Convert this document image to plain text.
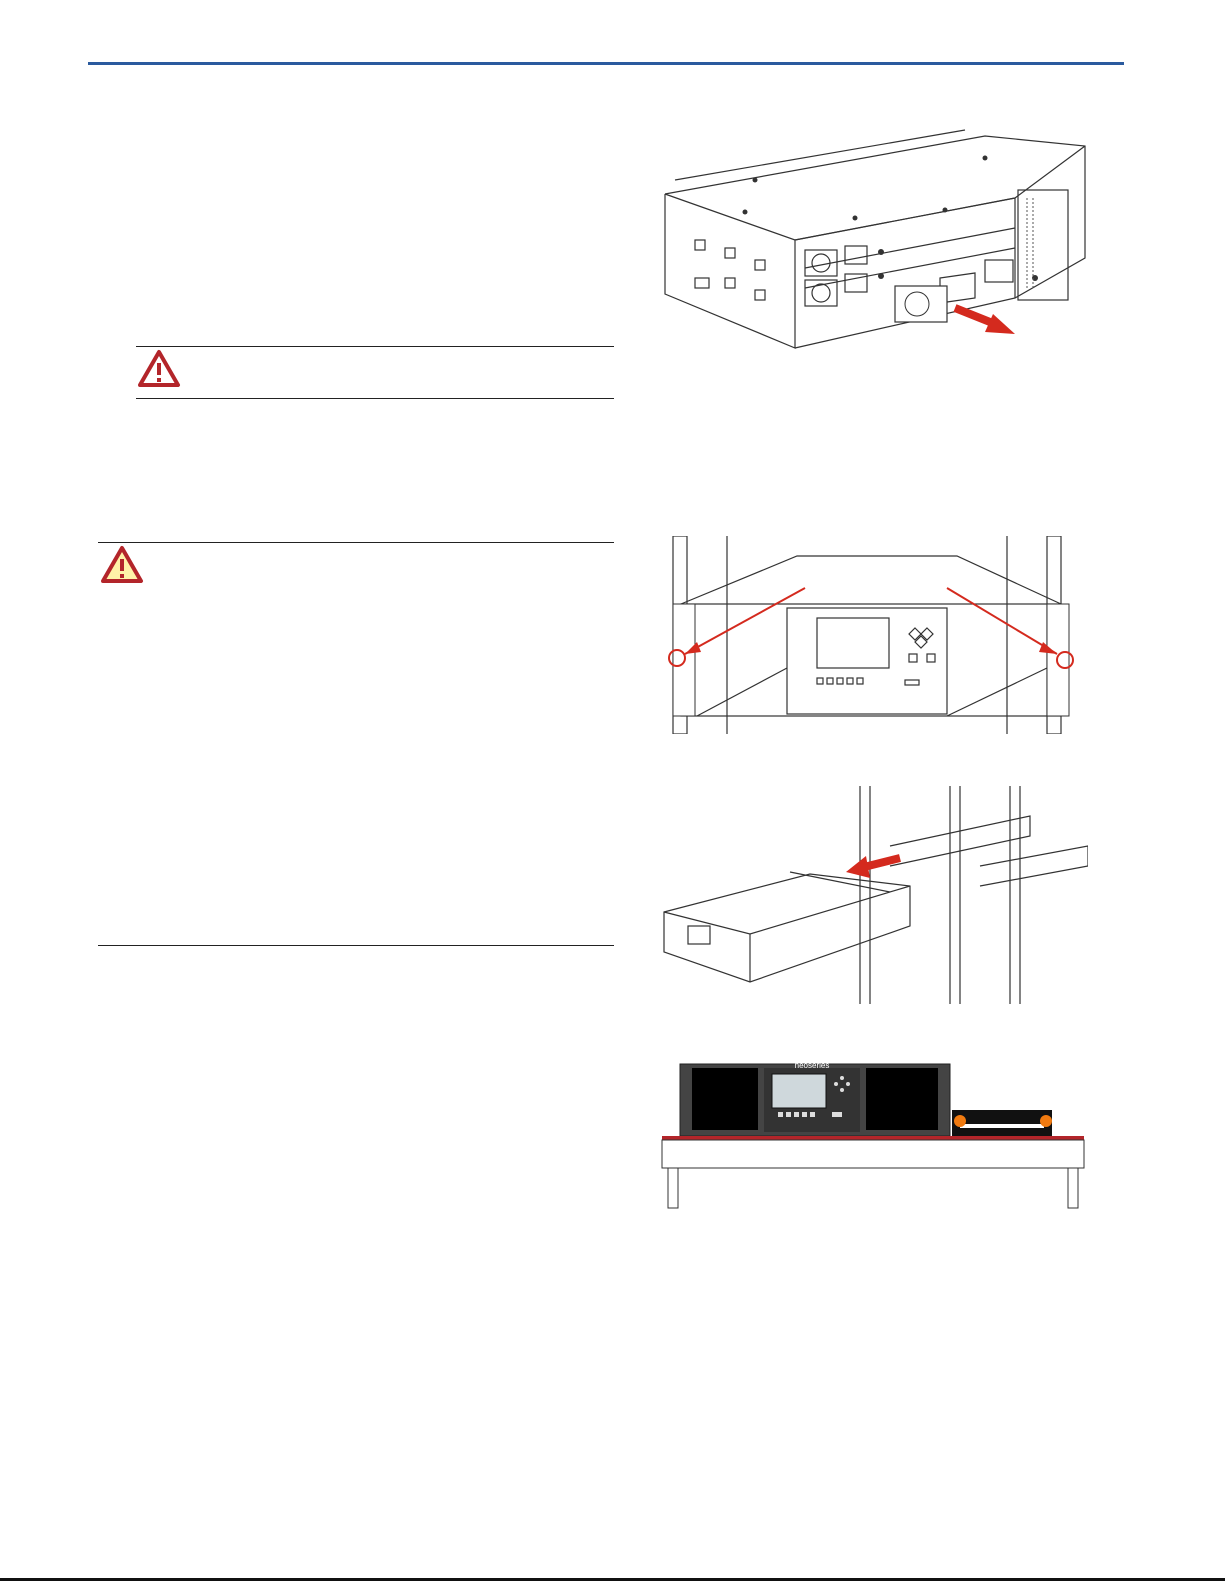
neoseries
